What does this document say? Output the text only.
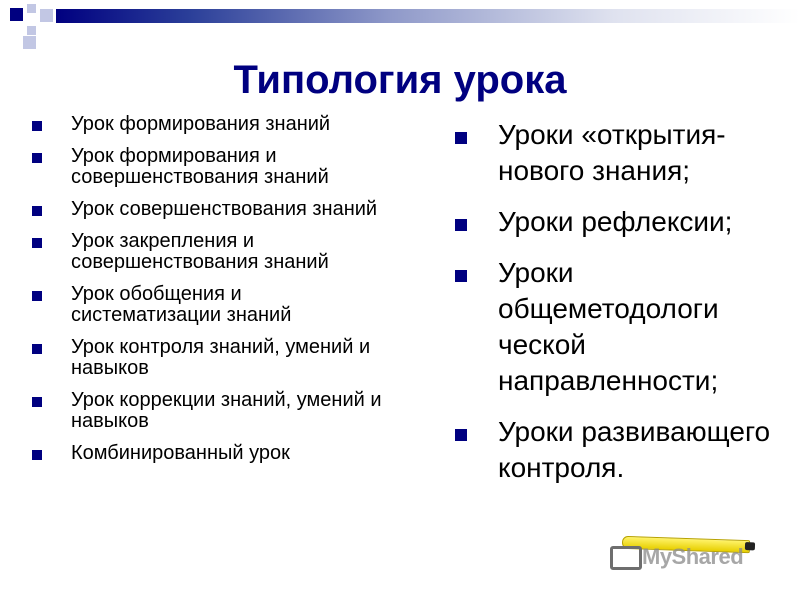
Типология урока
Урок формирования знаний
Урок формирования и совершенствования знаний
Урок совершенствования знаний
Урок закрепления и совершенствования знаний
Урок обобщения и систематизации знаний
Урок контроля знаний, умений и навыков
Урок коррекции знаний, умений и навыков
Комбинированный урок
Уроки «открытия-нового знания;
Уроки рефлексии;
Уроки общеметодологи ческой направленности;
Уроки развивающего контроля.
MyShared
